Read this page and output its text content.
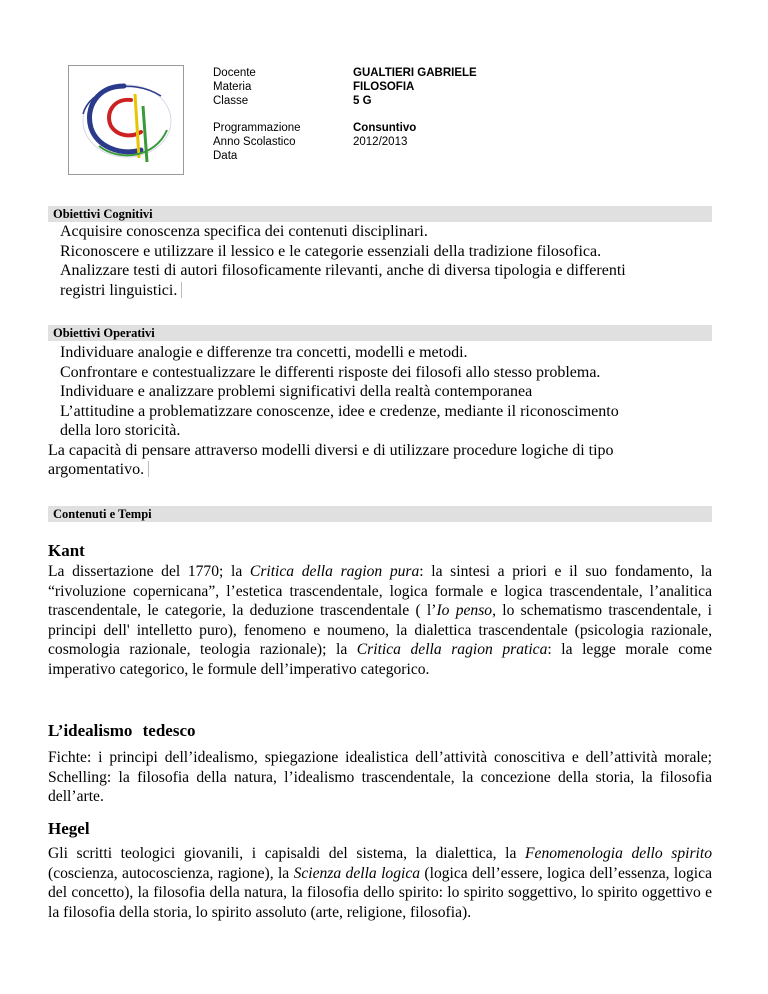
Docente
Materia
Classe
GUALTIERI GABRIELE
FILOSOFIA
5 G
Programmazione
Anno Scolastico
Data
Consuntivo
2012/2013
Obiettivi Cognitivi
Acquisire conoscenza specifica dei contenuti disciplinari.
Riconoscere e utilizzare il lessico e le categorie essenziali della tradizione filosofica.
Analizzare testi di autori filosoficamente rilevanti, anche di diversa tipologia e differenti
registri linguistici.
Obiettivi Operativi
Individuare analogie e differenze tra concetti, modelli e metodi.
Confrontare e contestualizzare le differenti risposte dei filosofi allo stesso problema.
Individuare e analizzare problemi significativi della realtà contemporanea
L’attitudine a problematizzare conoscenze, idee e credenze, mediante il riconoscimento
della loro storicità.
La capacità di pensare attraverso modelli diversi e di utilizzare procedure logiche di tipo
argomentativo.
Contenuti e Tempi
Kant

La dissertazione del 1770; la Critica della ragion pura: la sintesi a priori e il suo fondamento, la “rivoluzione copernicana”, l’estetica trascendentale, logica formale e logica trascendentale, l’analitica trascendentale, le categorie, la deduzione trascendentale ( l’Io penso, lo schematismo trascendentale, i principi dell' intelletto puro), fenomeno e noumeno, la dialettica trascendentale (psicologia razionale, cosmologia razionale, teologia razionale); la Critica della ragion pratica: la legge morale come imperativo categorico, le formule dell’imperativo categorico.

L’idealismo tedesco

Fichte: i principi dell’idealismo, spiegazione idealistica dell’attività conoscitiva e dell’attività morale; Schelling: la filosofia della natura, l’idealismo trascendentale, la concezione della storia, la filosofia dell’arte.

Hegel

Gli scritti teologici giovanili, i capisaldi del sistema, la dialettica, la Fenomenologia dello spirito (coscienza, autocoscienza, ragione), la Scienza della logica (logica dell’essere, logica dell’essenza, logica del concetto), la filosofia della natura, la filosofia dello spirito: lo spirito soggettivo, lo spirito oggettivo e la filosofia della storia, lo spirito assoluto (arte, religione, filosofia).
